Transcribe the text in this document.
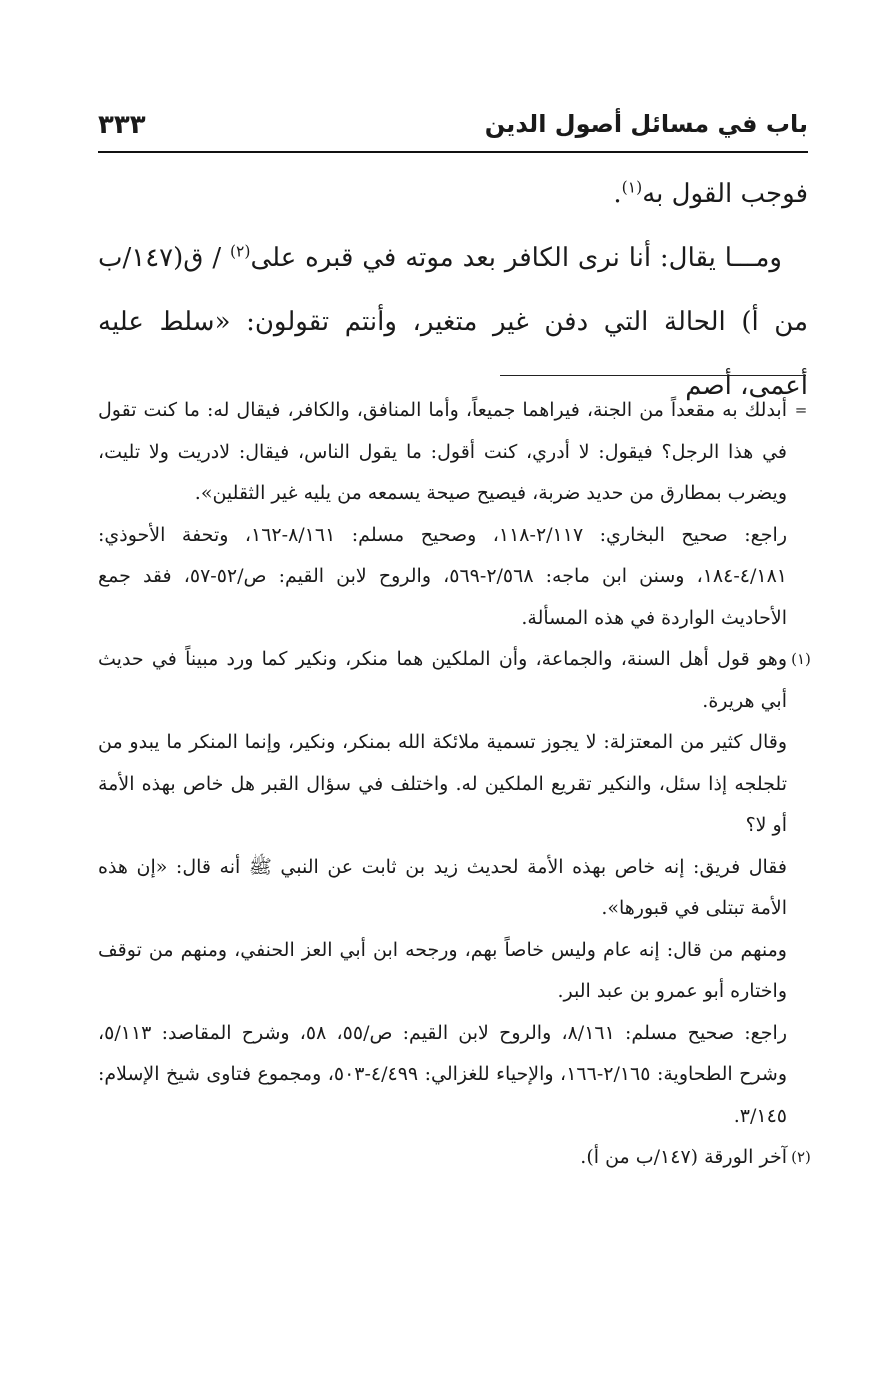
باب في مسائل أصول الدين
٣٣٣

فوجب القول به$^{(١)}$.

ومـــا يقال: أنا نرى الكافر بعد موته في قبره على$^{(٢)}$ / ق(١٤٧/ب من أ) الحالة التي دفن غير متغير، وأنتم تقولون: «سلط عليه أعمى، أصم

=
أبدلك به مقعداً من الجنة، فيراهما جميعاً، وأما المنافق، والكافر، فيقال له: ما كنت تقول في هذا الرجل؟ فيقول: لا أدري، كنت أقول: ما يقول الناس، فيقال: لادريت ولا تليت، ويضرب بمطارق من حديد ضربة، فيصيح صيحة يسمعه من يليه غير الثقلين».

راجع: صحيح البخاري: ٢/١١٧-١١٨، وصحيح مسلم: ٨/١٦١-١٦٢، وتحفة الأحوذي: ٤/١٨١-١٨٤، وسنن ابن ماجه: ٢/٥٦٨-٥٦٩، والروح لابن القيم: ص/٥٢-٥٧، فقد جمع الأحاديث الواردة في هذه المسألة.

(١)
وهو قول أهل السنة، والجماعة، وأن الملكين هما منكر، ونكير كما ورد مبيناً في حديث أبي هريرة.

وقال كثير من المعتزلة: لا يجوز تسمية ملائكة الله بمنكر، ونكير، وإنما المنكر ما يبدو من تلجلجه إذا سئل، والنكير تقريع الملكين له. واختلف في سؤال القبر هل خاص بهذه الأمة أو لا؟

فقال فريق: إنه خاص بهذه الأمة لحديث زيد بن ثابت عن النبي ﷺ أنه قال: «إن هذه الأمة تبتلى في قبورها».

ومنهم من قال: إنه عام وليس خاصاً بهم، ورجحه ابن أبي العز الحنفي، ومنهم من توقف واختاره أبو عمرو بن عبد البر.

راجع: صحيح مسلم: ٨/١٦١، والروح لابن القيم: ص/٥٥، ٥٨، وشرح المقاصد: ٥/١١٣، وشرح الطحاوية: ٢/١٦٥-١٦٦، والإحياء للغزالي: ٤/٤٩٩-٥٠٣، ومجموع فتاوى شيخ الإسلام: ٣/١٤٥.

(٢)
آخر الورقة (١٤٧/ب من أ).
